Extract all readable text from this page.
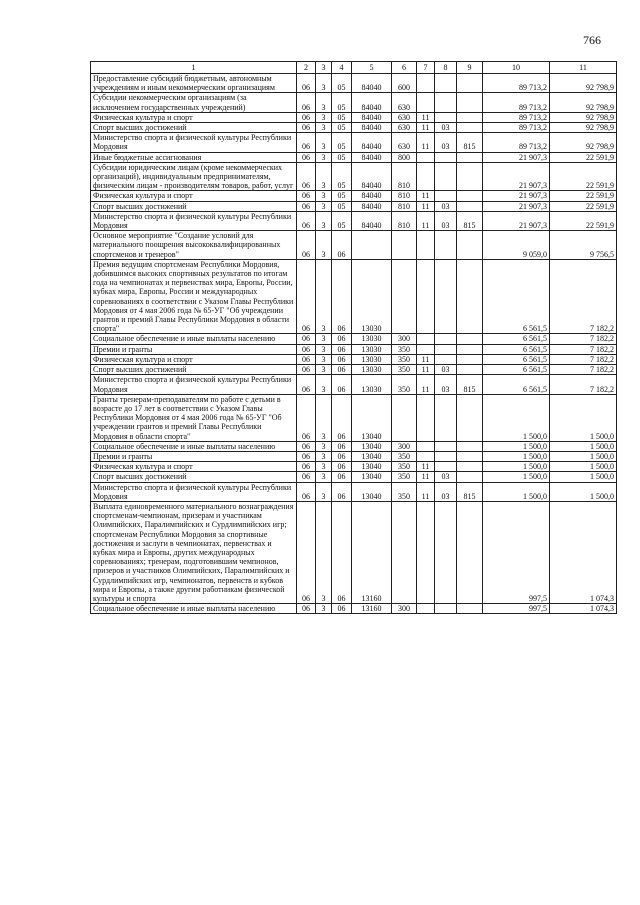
766
1	2	3	4	5	6	7	8	9	10	11
Предоставление субсидий бюджетным, автономным учреждениям и иным некоммерческим организациям	06	3	05	84040	600				89 713,2	92 798,9
Субсидии некоммерческим организациям (за исключением государственных учреждений)	06	3	05	84040	630				89 713,2	92 798,9
Физическая культура и спорт	06	3	05	84040	630	11			89 713,2	92 798,9
Спорт высших достижений	06	3	05	84040	630	11	03		89 713,2	92 798,9
Министерство спорта и физической культуры Республики Мордовия	06	3	05	84040	630	11	03	815	89 713,2	92 798,9
Иные бюджетные ассигнования	06	3	05	84040	800				21 907,3	22 591,9
Субсидии юридическим лицам (кроме некоммерческих организаций), индивидуальным предпринимателям, физическим лицам - производителям товаров, работ, услуг	06	3	05	84040	810				21 907,3	22 591,9
Физическая культура и спорт	06	3	05	84040	810	11			21 907,3	22 591,9
Спорт высших достижений	06	3	05	84040	810	11	03		21 907,3	22 591,9
Министерство спорта и физической культуры Республики Мордовия	06	3	05	84040	810	11	03	815	21 907,3	22 591,9
Основное мероприятие "Создание условий для материального поощрения высококвалифицированных спортсменов и тренеров"	06	3	06						9 059,0	9 756,5
Премия ведущим спортсменам Республики Мордовия, добившимся высоких спортивных результатов по итогам года на чемпионатах и первенствах мира, Европы, России, кубках мира, Европы, России и международных соревнованиях в соответствии с Указом Главы Республики Мордовия от 4 мая 2006 года № 65-УГ "Об учреждении грантов и премий Главы Республики Мордовия в области спорта"	06	3	06	13030					6 561,5	7 182,2
Социальное обеспечение и иные выплаты населению	06	3	06	13030	300				6 561,5	7 182,2
Премии и гранты	06	3	06	13030	350				6 561,5	7 182,2
Физическая культура и спорт	06	3	06	13030	350	11			6 561,5	7 182,2
Спорт высших достижений	06	3	06	13030	350	11	03		6 561,5	7 182,2
Министерство спорта и физической культуры Республики Мордовия	06	3	06	13030	350	11	03	815	6 561,5	7 182,2
Гранты тренерам-преподавателям по работе с детьми в возрасте до 17 лет в соответствии с Указом Главы Республики Мордовия от 4 мая 2006 года № 65-УГ "Об учреждении грантов и премий Главы Республики Мордовия в области спорта"	06	3	06	13040					1 500,0	1 500,0
Социальное обеспечение и иные выплаты населению	06	3	06	13040	300				1 500,0	1 500,0
Премии и гранты	06	3	06	13040	350				1 500,0	1 500,0
Физическая культура и спорт	06	3	06	13040	350	11			1 500,0	1 500,0
Спорт высших достижений	06	3	06	13040	350	11	03		1 500,0	1 500,0
Министерство спорта и физической культуры Республики Мордовия	06	3	06	13040	350	11	03	815	1 500,0	1 500,0
Выплата единовременного материального вознаграждения спортсменам-чемпионам, призерам и участникам Олимпийских, Паралимпийских и Сурдлимпийских игр; спортсменам Республики Мордовия за спортивные достижения и заслуги в чемпионатах, первенствах и кубках мира и Европы, других международных соревнованиях; тренерам, подготовившим чемпионов, призеров и участников Олимпийских, Паралимпийских и Сурдлимпийских игр, чемпионатов, первенств и кубков мира и Европы, а также другим работникам физической культуры и спорта	06	3	06	13160					997,5	1 074,3
Социальное обеспечение и иные выплаты населению	06	3	06	13160	300				997,5	1 074,3
